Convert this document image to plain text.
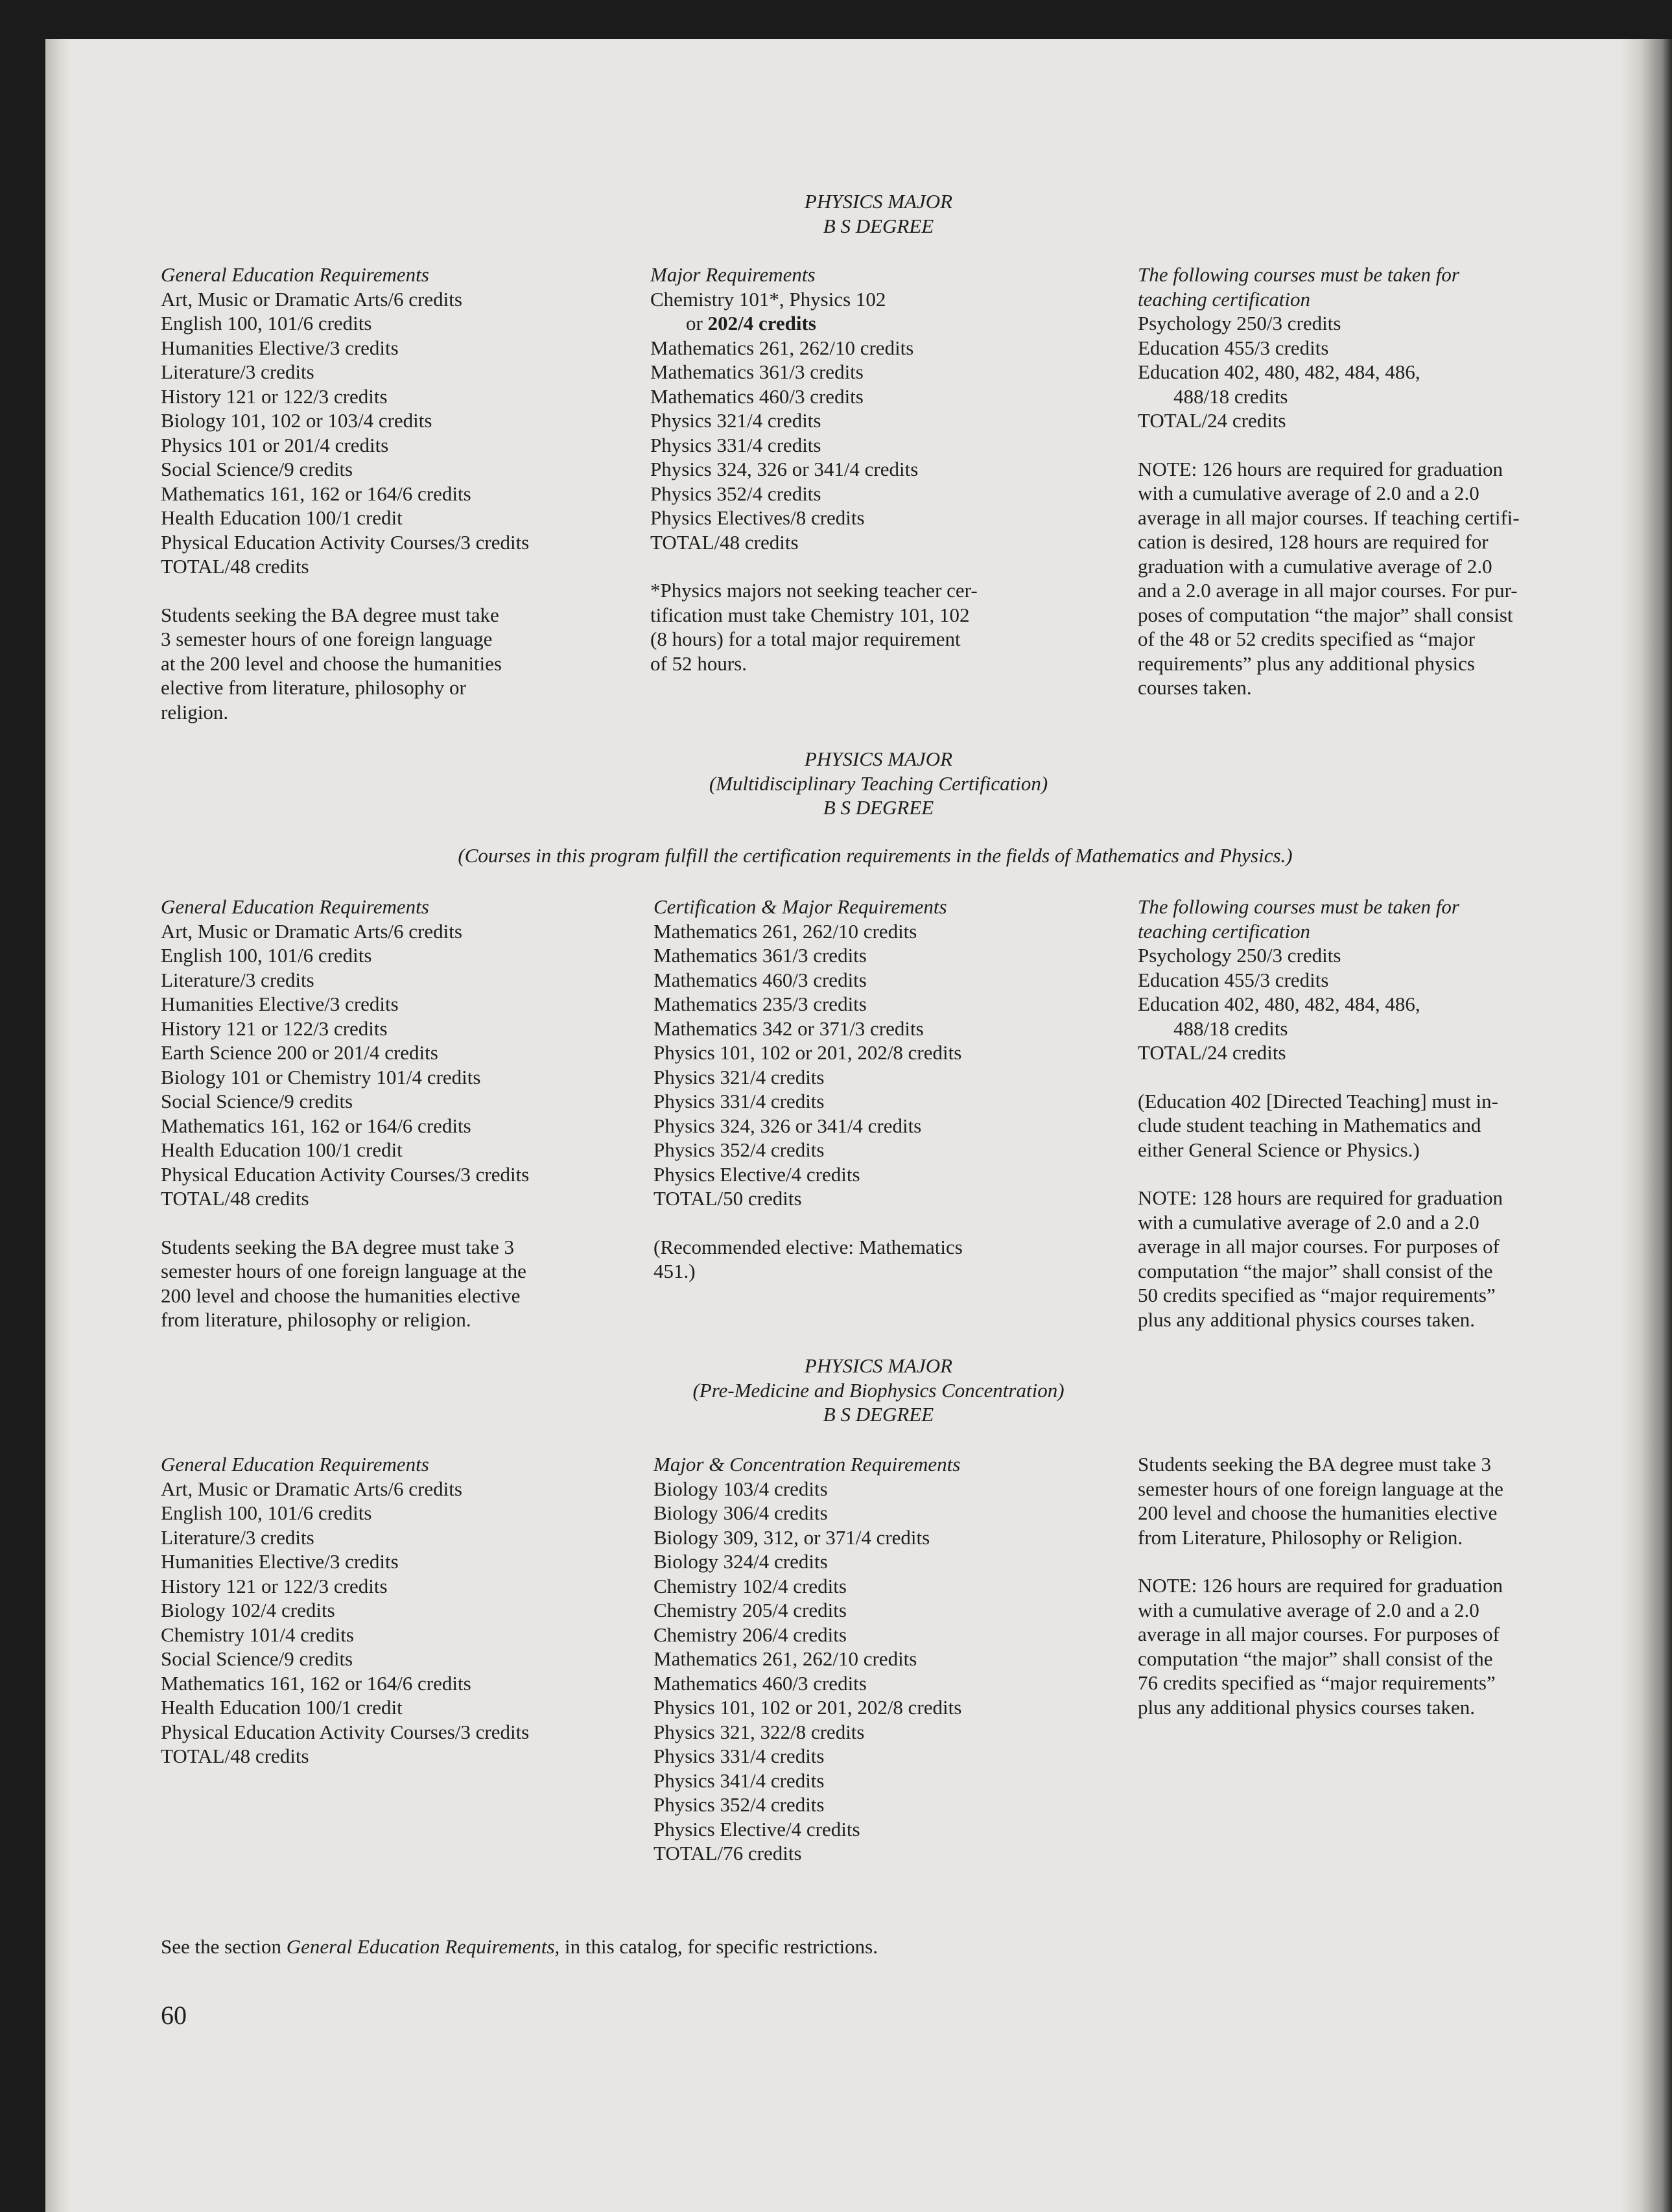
PHYSICS MAJOR
B S DEGREE
General Education Requirements
Art, Music or Dramatic Arts/6 credits
English 100, 101/6 credits
Humanities Elective/3 credits
Literature/3 credits
History 121 or 122/3 credits
Biology 101, 102 or 103/4 credits
Physics 101 or 201/4 credits
Social Science/9 credits
Mathematics 161, 162 or 164/6 credits
Health Education 100/1 credit
Physical Education Activity Courses/3 credits
TOTAL/48 credits
Students seeking the BA degree must take
3 semester hours of one foreign language
at the 200 level and choose the humanities
elective from literature, philosophy or
religion.
Major Requirements
Chemistry 101*, Physics 102
or 202/4 credits
Mathematics 261, 262/10 credits
Mathematics 361/3 credits
Mathematics 460/3 credits
Physics 321/4 credits
Physics 331/4 credits
Physics 324, 326 or 341/4 credits
Physics 352/4 credits
Physics Electives/8 credits
TOTAL/48 credits
*Physics majors not seeking teacher cer-
tification must take Chemistry 101, 102
(8 hours) for a total major requirement
of 52 hours.
The following courses must be taken for
teaching certification
Psychology 250/3 credits
Education 455/3 credits
Education 402, 480, 482, 484, 486,
488/18 credits
TOTAL/24 credits
NOTE: 126 hours are required for graduation
with a cumulative average of 2.0 and a 2.0
average in all major courses. If teaching certifi-
cation is desired, 128 hours are required for
graduation with a cumulative average of 2.0
and a 2.0 average in all major courses. For pur-
poses of computation “the major” shall consist
of the 48 or 52 credits specified as “major
requirements” plus any additional physics
courses taken.
PHYSICS MAJOR
(Multidisciplinary Teaching Certification)
B S DEGREE
(Courses in this program fulfill the certification requirements in the fields of Mathematics and Physics.)
General Education Requirements
Art, Music or Dramatic Arts/6 credits
English 100, 101/6 credits
Literature/3 credits
Humanities Elective/3 credits
History 121 or 122/3 credits
Earth Science 200 or 201/4 credits
Biology 101 or Chemistry 101/4 credits
Social Science/9 credits
Mathematics 161, 162 or 164/6 credits
Health Education 100/1 credit
Physical Education Activity Courses/3 credits
TOTAL/48 credits
Students seeking the BA degree must take 3
semester hours of one foreign language at the
200 level and choose the humanities elective
from literature, philosophy or religion.
Certification & Major Requirements
Mathematics 261, 262/10 credits
Mathematics 361/3 credits
Mathematics 460/3 credits
Mathematics 235/3 credits
Mathematics 342 or 371/3 credits
Physics 101, 102 or 201, 202/8 credits
Physics 321/4 credits
Physics 331/4 credits
Physics 324, 326 or 341/4 credits
Physics 352/4 credits
Physics Elective/4 credits
TOTAL/50 credits
(Recommended elective: Mathematics
451.)
The following courses must be taken for
teaching certification
Psychology 250/3 credits
Education 455/3 credits
Education 402, 480, 482, 484, 486,
488/18 credits
TOTAL/24 credits
(Education 402 [Directed Teaching] must in-
clude student teaching in Mathematics and
either General Science or Physics.)
NOTE: 128 hours are required for graduation
with a cumulative average of 2.0 and a 2.0
average in all major courses. For purposes of
computation “the major” shall consist of the
50 credits specified as “major requirements”
plus any additional physics courses taken.
PHYSICS MAJOR
(Pre-Medicine and Biophysics Concentration)
B S DEGREE
General Education Requirements
Art, Music or Dramatic Arts/6 credits
English 100, 101/6 credits
Literature/3 credits
Humanities Elective/3 credits
History 121 or 122/3 credits
Biology 102/4 credits
Chemistry 101/4 credits
Social Science/9 credits
Mathematics 161, 162 or 164/6 credits
Health Education 100/1 credit
Physical Education Activity Courses/3 credits
TOTAL/48 credits
Major & Concentration Requirements
Biology 103/4 credits
Biology 306/4 credits
Biology 309, 312, or 371/4 credits
Biology 324/4 credits
Chemistry 102/4 credits
Chemistry 205/4 credits
Chemistry 206/4 credits
Mathematics 261, 262/10 credits
Mathematics 460/3 credits
Physics 101, 102 or 201, 202/8 credits
Physics 321, 322/8 credits
Physics 331/4 credits
Physics 341/4 credits
Physics 352/4 credits
Physics Elective/4 credits
TOTAL/76 credits
Students seeking the BA degree must take 3
semester hours of one foreign language at the
200 level and choose the humanities elective
from Literature, Philosophy or Religion.
NOTE: 126 hours are required for graduation
with a cumulative average of 2.0 and a 2.0
average in all major courses. For purposes of
computation “the major” shall consist of the
76 credits specified as “major requirements”
plus any additional physics courses taken.
See the section General Education Requirements, in this catalog, for specific restrictions.
60
